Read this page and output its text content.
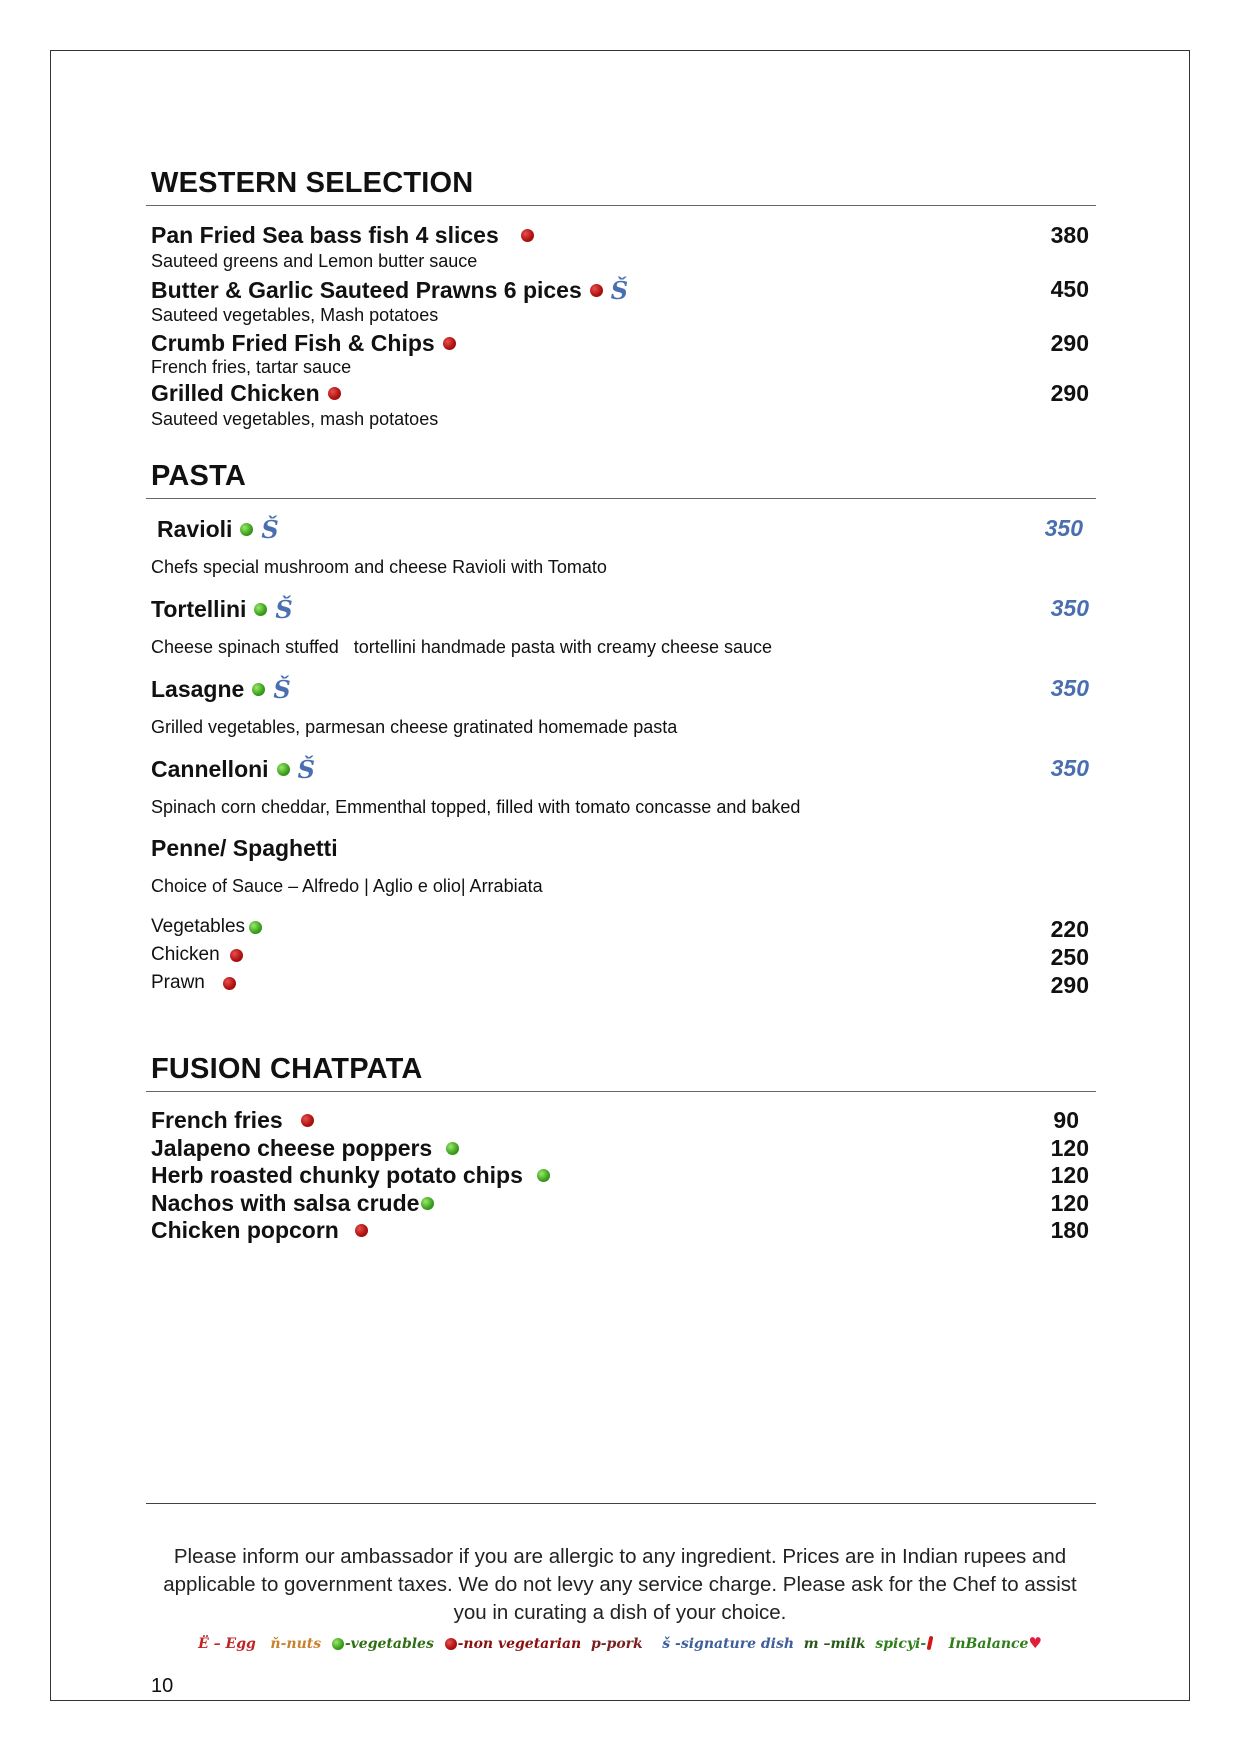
WESTERN SELECTION
Pan Fried Sea bass fish 4 slices	380
Sauteed greens and Lemon butter sauce
Butter & Garlic Sauteed Prawns 6 pices Š	450
Sauteed vegetables, Mash potatoes
Crumb Fried Fish & Chips	290
French fries, tartar sauce
Grilled Chicken	290
Sauteed vegetables, mash potatoes
PASTA
Ravioli Š	350
Chefs special mushroom and cheese Ravioli with Tomato
Tortellini Š	350
Cheese spinach stuffed   tortellini handmade pasta with creamy cheese sauce
Lasagne Š	350
Grilled vegetables, parmesan cheese gratinated homemade pasta
Cannelloni Š	350
Spinach corn cheddar, Emmenthal topped, filled with tomato concasse and baked
Penne/ Spaghetti
Choice of Sauce – Alfredo | Aglio e olio| Arrabiata
Vegetables	220
Chicken	250
Prawn	290
FUSION CHATPATA
French fries	90
Jalapeno cheese poppers	120
Herb roasted chunky potato chips	120
Nachos with salsa crude	120
Chicken popcorn	180
Please inform our ambassador if you are allergic to any ingredient. Prices are in Indian rupees and applicable to government taxes. We do not levy any service charge. Please ask for the Chef to assist you in curating a dish of your choice.
Ë – Egg ň-nuts -vegetables -non vegetarian p-pork š -signature dish m –milk spicyi- InBalance♥
10
